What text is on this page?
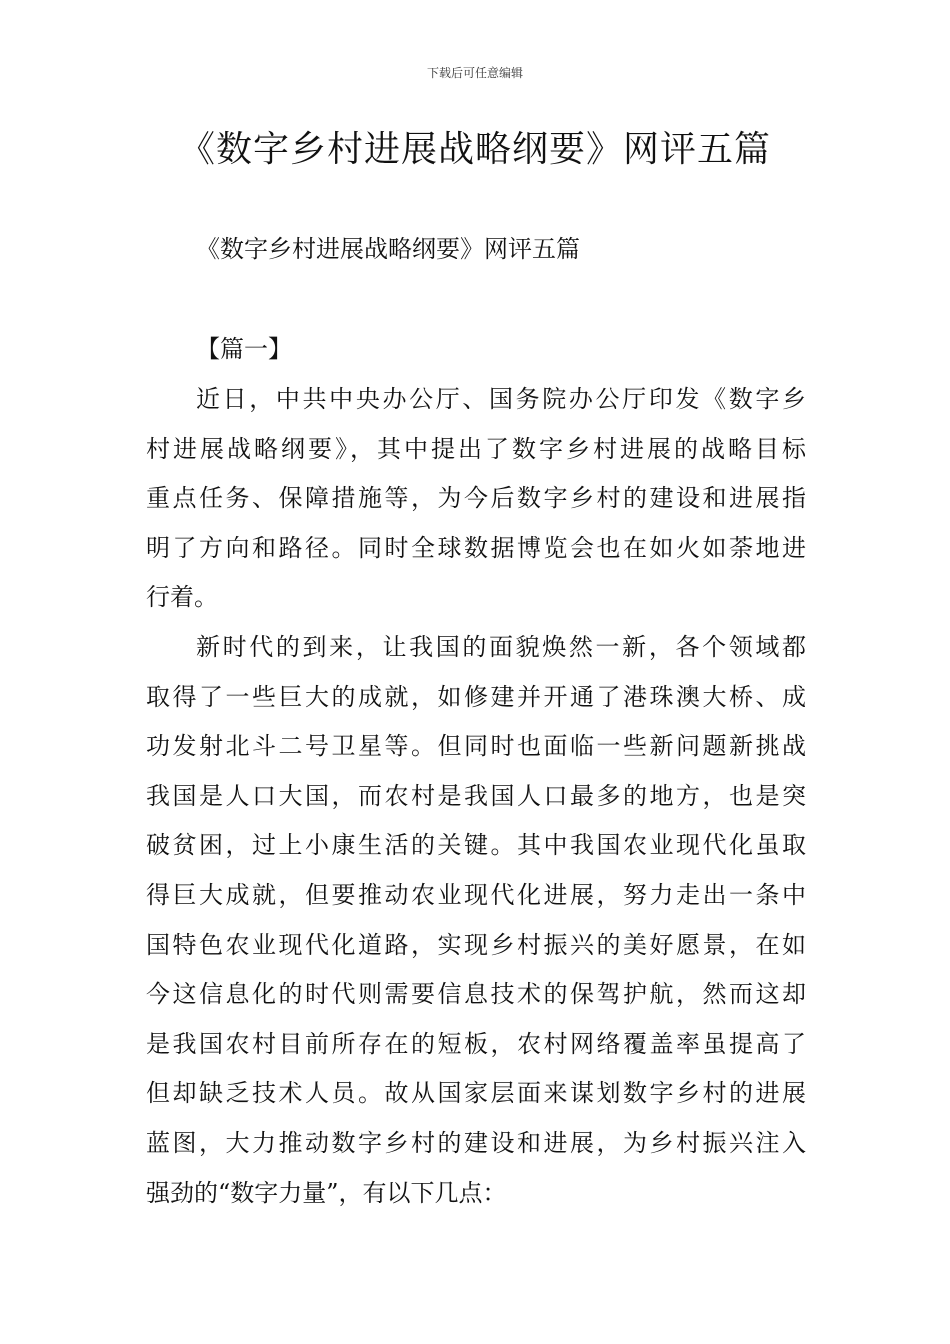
下载后可任意编辑
《数字乡村进展战略纲要》网评五篇
《数字乡村进展战略纲要》网评五篇
【篇一】
近日，中共中央办公厅、国务院办公厅印发《数字乡
村进展战略纲要》，其中提出了数字乡村进展的战略目标
重点任务、保障措施等，为今后数字乡村的建设和进展指
明了方向和路径。同时全球数据博览会也在如火如荼地进
行着。
新时代的到来，让我国的面貌焕然一新，各个领域都
取得了一些巨大的成就，如修建并开通了港珠澳大桥、成
功发射北斗二号卫星等。但同时也面临一些新问题新挑战
我国是人口大国，而农村是我国人口最多的地方，也是突
破贫困，过上小康生活的关键。其中我国农业现代化虽取
得巨大成就，但要推动农业现代化进展，努力走出一条中
国特色农业现代化道路，实现乡村振兴的美好愿景，在如
今这信息化的时代则需要信息技术的保驾护航，然而这却
是我国农村目前所存在的短板，农村网络覆盖率虽提高了
但却缺乏技术人员。故从国家层面来谋划数字乡村的进展
蓝图，大力推动数字乡村的建设和进展，为乡村振兴注入
强劲的“数字力量”，有以下几点：
